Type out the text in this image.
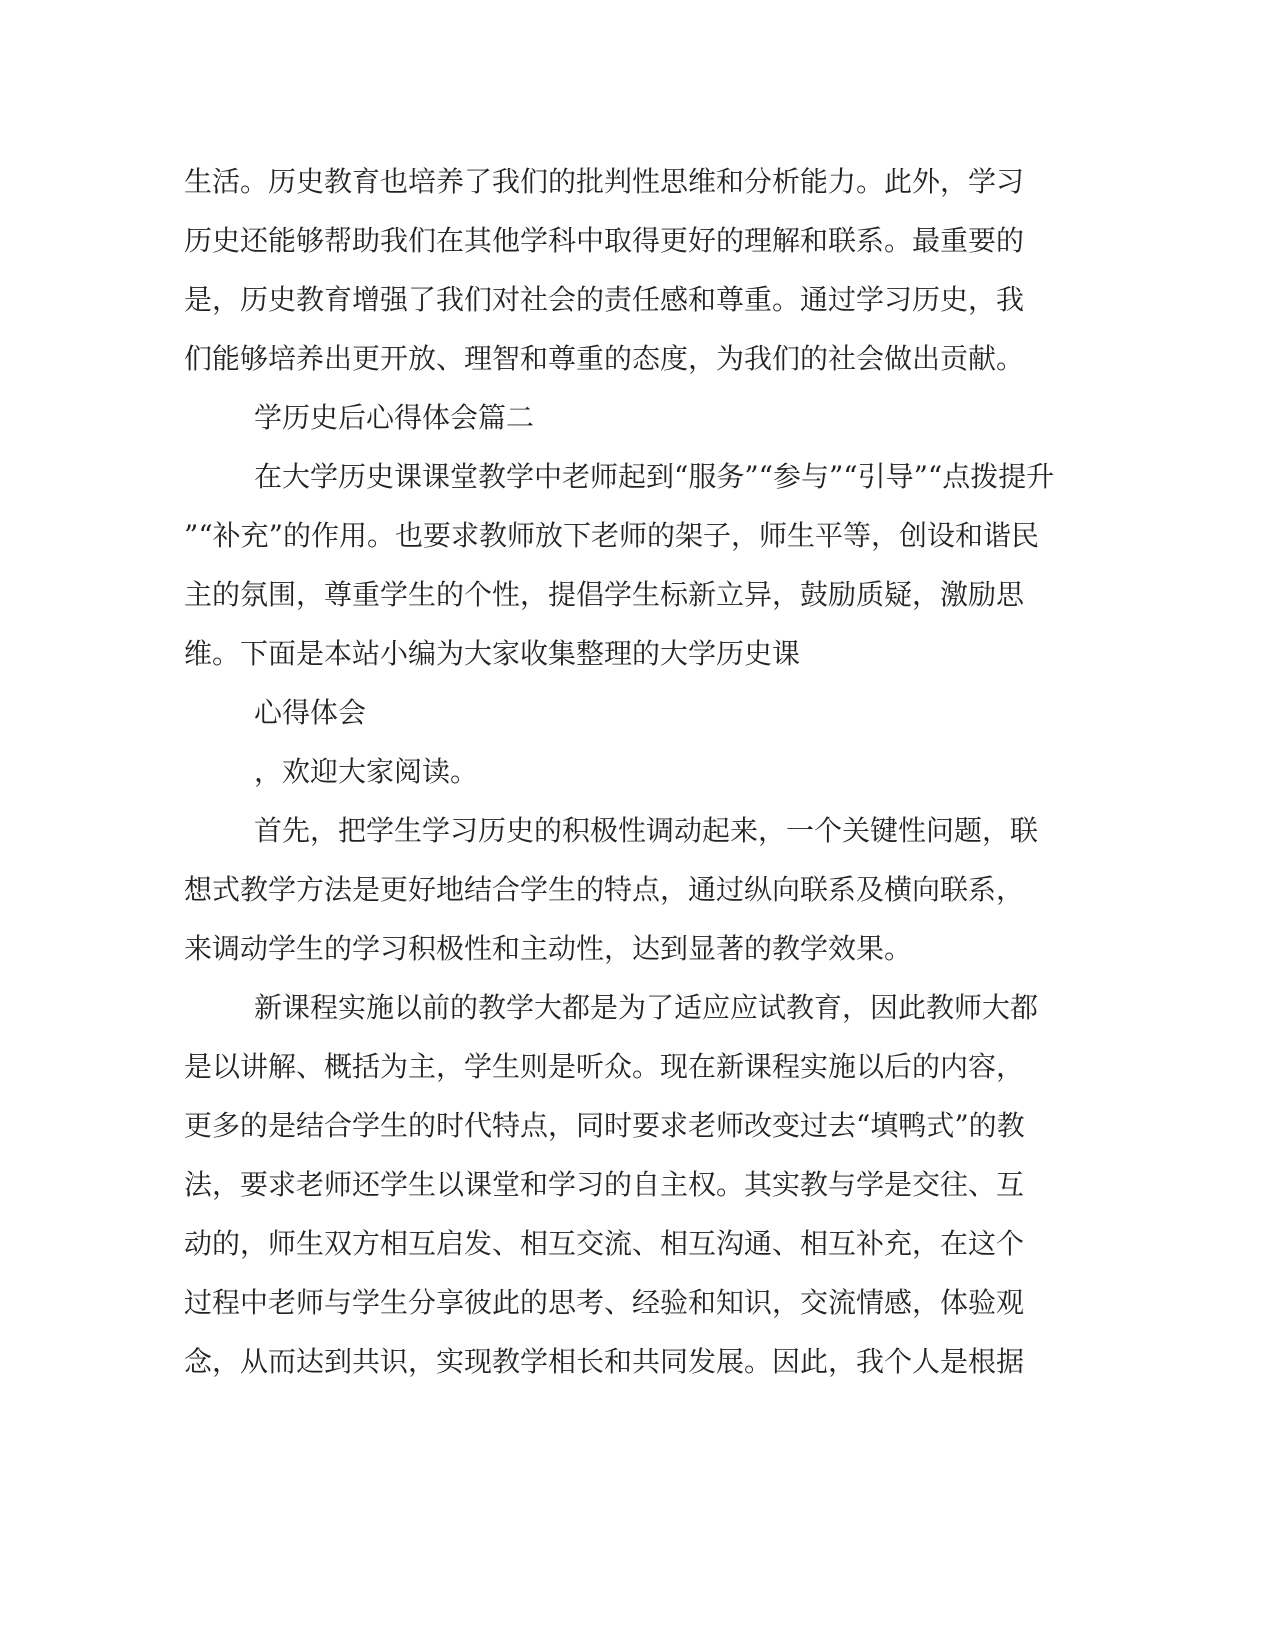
生活。历史教育也培养了我们的批判性思维和分析能力。此外，学习

历史还能够帮助我们在其他学科中取得更好的理解和联系。最重要的

是，历史教育增强了我们对社会的责任感和尊重。通过学习历史，我

们能够培养出更开放、理智和尊重的态度，为我们的社会做出贡献。

学历史后心得体会篇二

在大学历史课课堂教学中老师起到“服务”“参与”“引导”“点拨提升

”“补充”的作用。也要求教师放下老师的架子，师生平等，创设和谐民

主的氛围，尊重学生的个性，提倡学生标新立异，鼓励质疑，激励思

维。下面是本站小编为大家收集整理的大学历史课

心得体会

，欢迎大家阅读。

首先，把学生学习历史的积极性调动起来，一个关键性问题，联

想式教学方法是更好地结合学生的特点，通过纵向联系及横向联系，

来调动学生的学习积极性和主动性，达到显著的教学效果。

新课程实施以前的教学大都是为了适应应试教育，因此教师大都

是以讲解、概括为主，学生则是听众。现在新课程实施以后的内容，

更多的是结合学生的时代特点，同时要求老师改变过去“填鸭式”的教

法，要求老师还学生以课堂和学习的自主权。其实教与学是交往、互

动的，师生双方相互启发、相互交流、相互沟通、相互补充，在这个

过程中老师与学生分享彼此的思考、经验和知识，交流情感，体验观

念，从而达到共识，实现教学相长和共同发展。因此，我个人是根据
